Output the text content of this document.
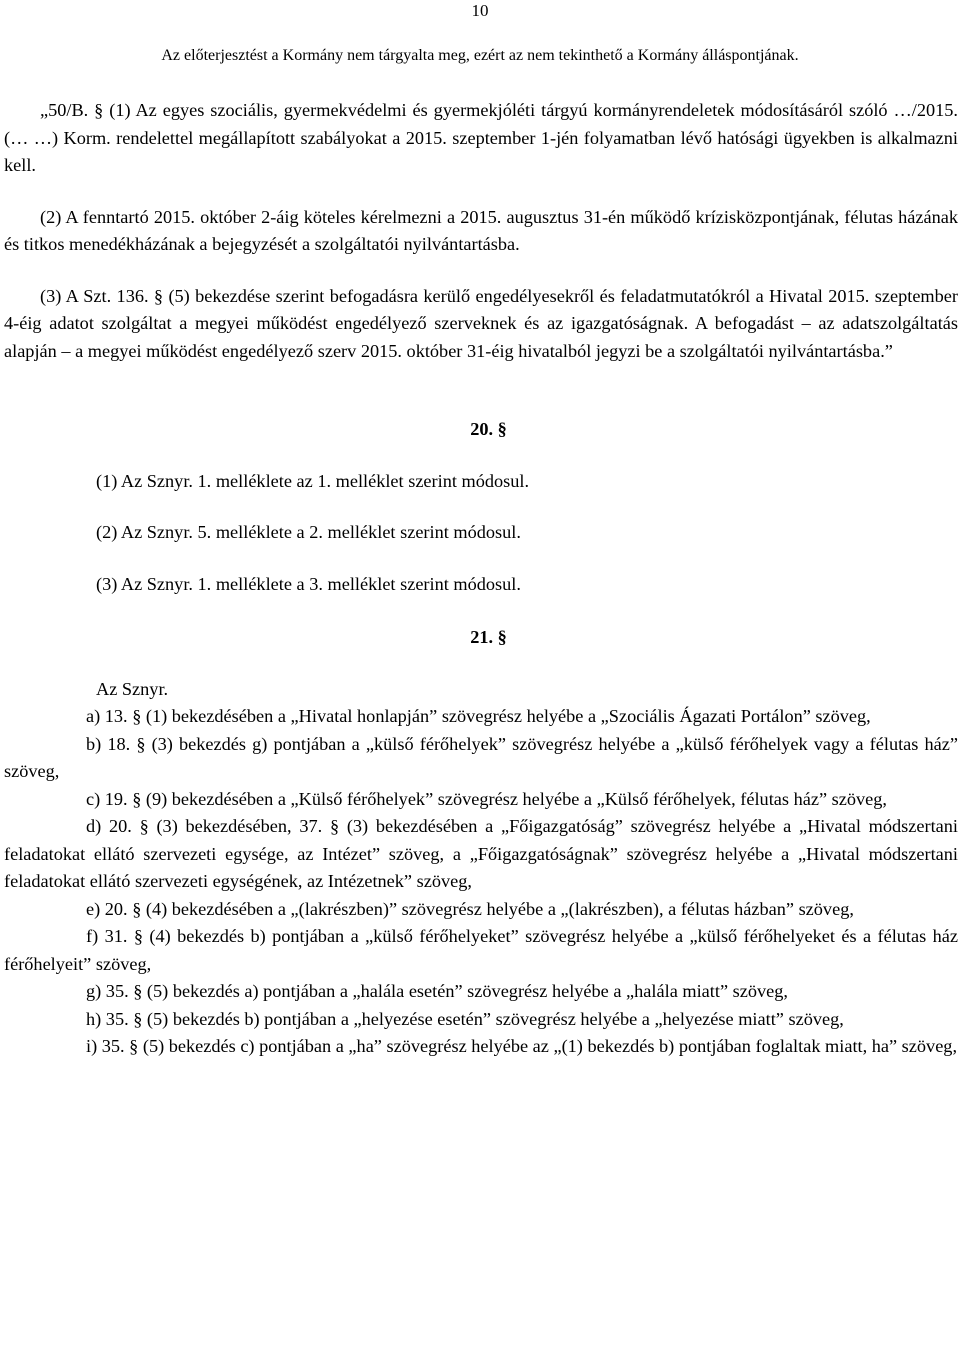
10
Az előterjesztést a Kormány nem tárgyalta meg, ezért az nem tekinthető a Kormány álláspontjának.

„50/B. § (1) Az egyes szociális, gyermekvédelmi és gyermekjóléti tárgyú kormányrendeletek módosításáról szóló …/2015. (… …) Korm. rendelettel megállapított szabályokat a 2015. szeptember 1-jén folyamatban lévő hatósági ügyekben is alkalmazni kell.

(2) A fenntartó 2015. október 2-áig köteles kérelmezni a 2015. augusztus 31-én működő krízisközpontjának, félutas házának és titkos menedékházának a bejegyzését a szolgáltatói nyilvántartásba.

(3) A Szt. 136. § (5) bekezdése szerint befogadásra kerülő engedélyesekről és feladatmutatókról a Hivatal 2015. szeptember 4-éig adatot szolgáltat a megyei működést engedélyező szerveknek és az igazgatóságnak. A befogadást – az adatszolgáltatás alapján – a megyei működést engedélyező szerv 2015. október 31-éig hivatalból jegyzi be a szolgáltatói nyilvántartásba.”

20. §

(1) Az Sznyr. 1. melléklete az 1. melléklet szerint módosul.

(2) Az Sznyr. 5. melléklete a 2. melléklet szerint módosul.

(3) Az Sznyr. 1. melléklete a 3. melléklet szerint módosul.

21. §

Az Sznyr.

a) 13. § (1) bekezdésében a „Hivatal honlapján” szövegrész helyébe a „Szociális Ágazati Portálon” szöveg,

b) 18. § (3) bekezdés g) pontjában a „külső férőhelyek” szövegrész helyébe a „külső férőhelyek vagy a félutas ház” szöveg,

c) 19. § (9) bekezdésében a „Külső férőhelyek” szövegrész helyébe a „Külső férőhelyek, félutas ház” szöveg,

d) 20. § (3) bekezdésében, 37. § (3) bekezdésében a „Főigazgatóság” szövegrész helyébe a „Hivatal módszertani feladatokat ellátó szervezeti egysége, az Intézet” szöveg, a „Főigazgatóságnak” szövegrész helyébe a „Hivatal módszertani feladatokat ellátó szervezeti egységének, az Intézetnek” szöveg,

e) 20. § (4) bekezdésében a „(lakrészben)” szövegrész helyébe a „(lakrészben), a félutas házban” szöveg,

f) 31. § (4) bekezdés b) pontjában a „külső férőhelyeket” szövegrész helyébe a „külső férőhelyeket és a félutas ház férőhelyeit” szöveg,

g) 35. § (5) bekezdés a) pontjában a „halála esetén” szövegrész helyébe a „halála miatt” szöveg,

h) 35. § (5) bekezdés b) pontjában a „helyezése esetén” szövegrész helyébe a „helyezése miatt” szöveg,

i) 35. § (5) bekezdés c) pontjában a „ha” szövegrész helyébe az „(1) bekezdés b) pontjában foglaltak miatt, ha” szöveg,
